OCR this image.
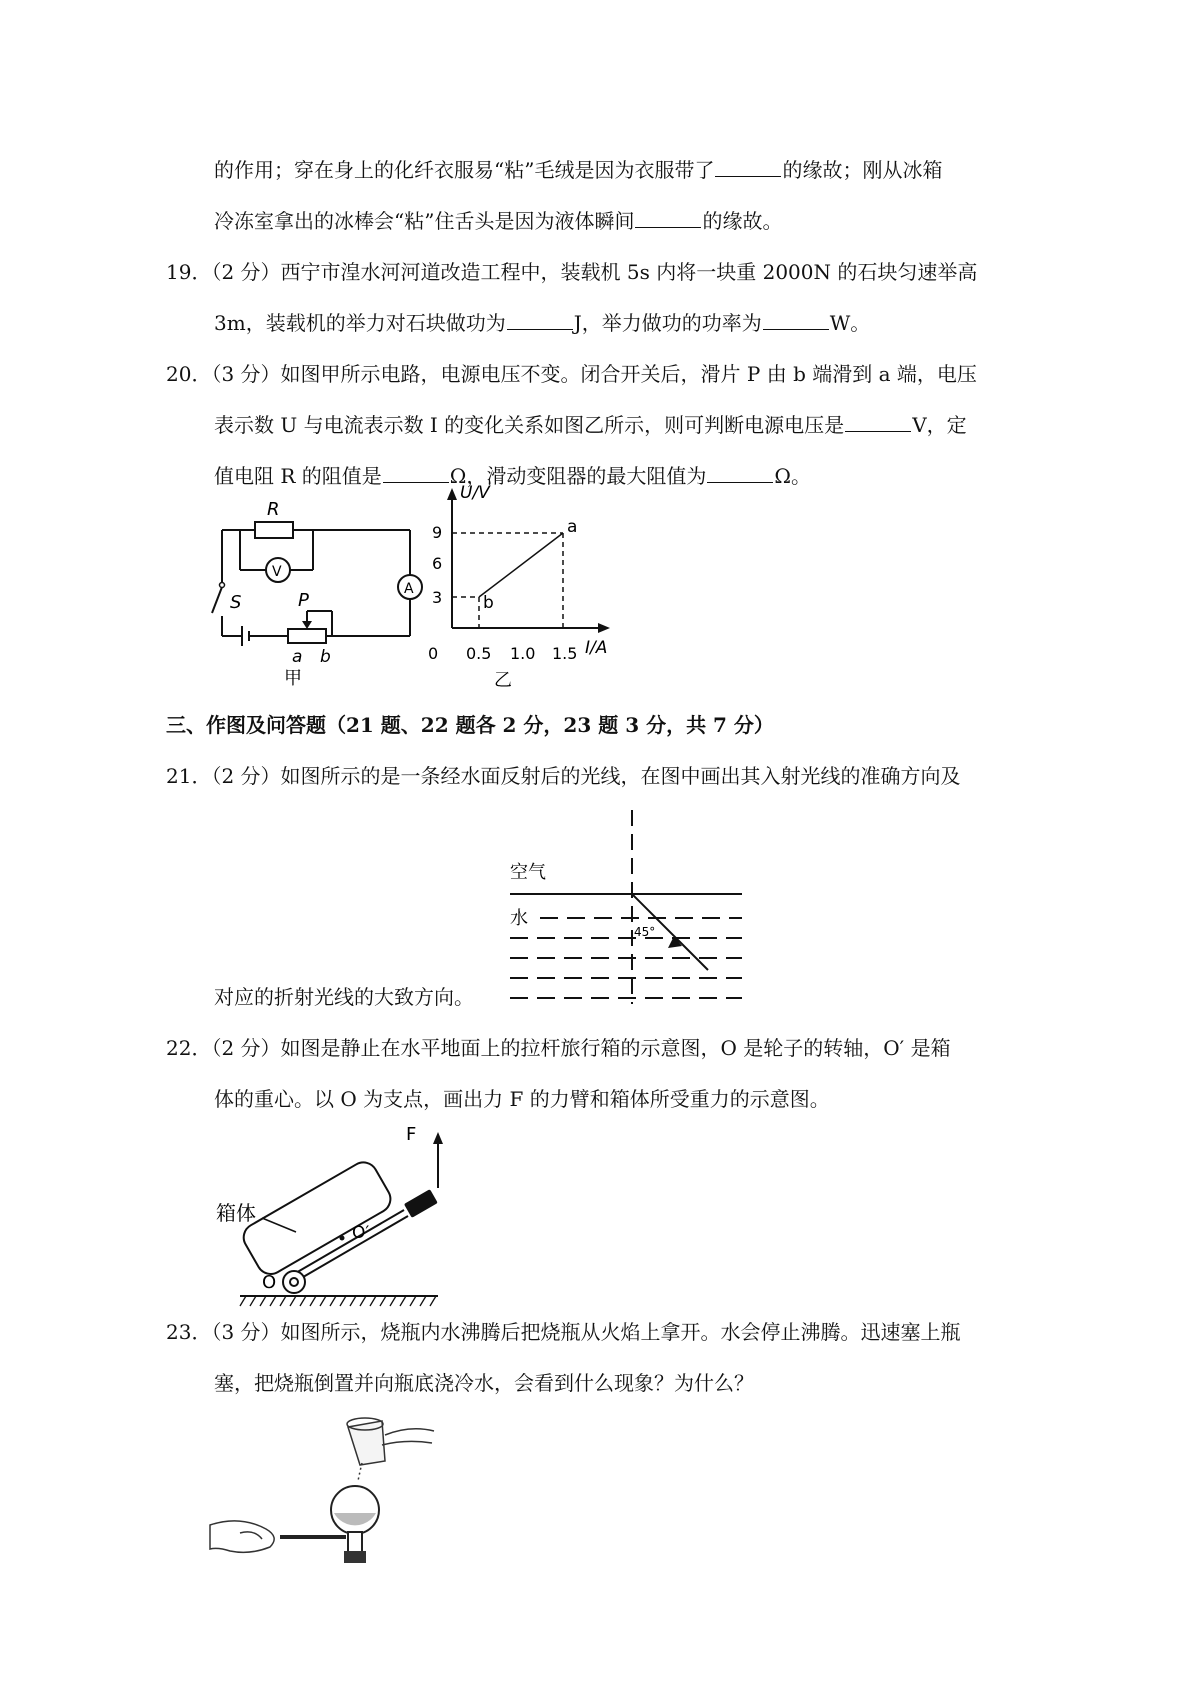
的作用；穿在身上的化纤衣服易“粘”毛绒是因为衣服带了	的缘故；刚从冰箱
冷冻室拿出的冰棒会“粘”住舌头是因为液体瞬间	的缘故。
19．（2 分）西宁市湟水河河道改造工程中，装载机 5s 内将一块重 2000N 的石块匀速举高
3m，装载机的举力对石块做功为	J，举力做功的功率为	W。
20．（3 分）如图甲所示电路，电源电压不变。闭合开关后，滑片 P 由 b 端滑到 a 端，电压
表示数 U 与电流表示数 I 的变化关系如图乙所示，则可判断电源电压是	V，定
值电阻 R 的阻值是	Ω，滑动变阻器的最大阻值为	Ω。
R
V
A
S	P
a b
甲
U/V
I/A
0
3
6
9
0.5 1.0 1.5
a
b
乙
三、作图及问答题（21 题、22 题各 2 分，23 题 3 分，共 7 分）
21．（2 分）如图所示的是一条经水面反射后的光线，在图中画出其入射光线的准确方向及
空气
水
45°
对应的折射光线的大致方向。
22．（2 分）如图是静止在水平地面上的拉杆旅行箱的示意图，O 是轮子的转轴，O′ 是箱
体的重心。以 O 为支点，画出力 F 的力臂和箱体所受重力的示意图。
F
箱体
O′
O
23．（3 分）如图所示，烧瓶内水沸腾后把烧瓶从火焰上拿开。水会停止沸腾。迅速塞上瓶
塞，把烧瓶倒置并向瓶底浇冷水，会看到什么现象？为什么？
